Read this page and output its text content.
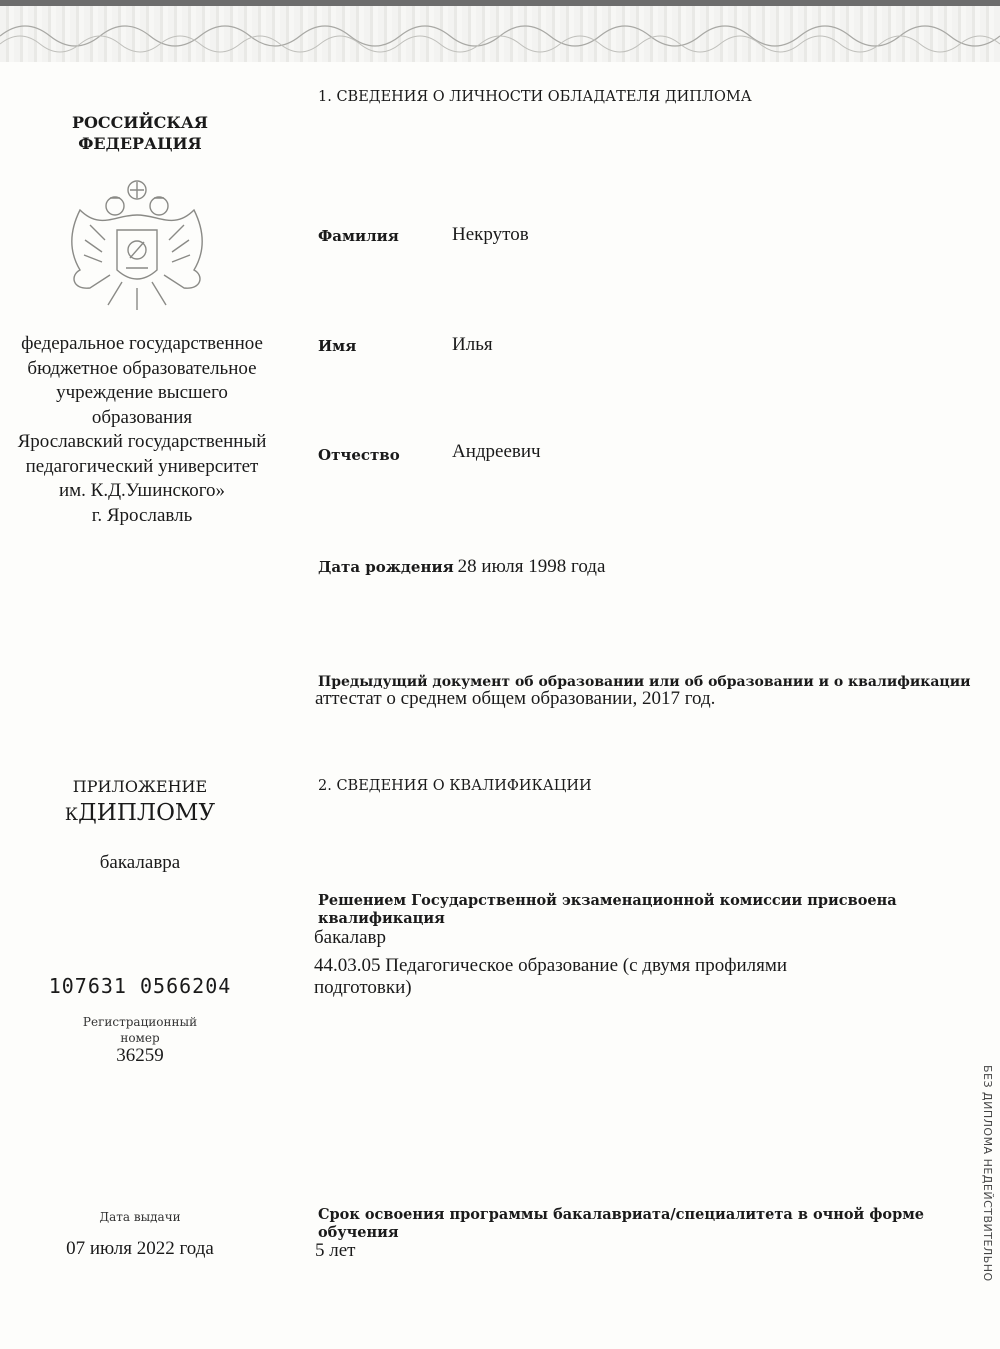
РОССИЙСКАЯ
ФЕДЕРАЦИЯ
федеральное государственное
бюджетное образовательное
учреждение высшего
образования
Ярославский государственный
педагогический университет
им. К.Д.Ушинского»
г. Ярославль
ПРИЛОЖЕНИЕ
КДИПЛОМУ
бакалавра
107631 0566204
Регистрационный
номер
36259
Дата выдачи
07 июля 2022 года
1. СВЕДЕНИЯ О ЛИЧНОСТИ ОБЛАДАТЕЛЯ ДИПЛОМА
Фамилия	Некрутов
Имя	Илья
Отчество	Андреевич
Дата рождения 28 июля 1998 года
Предыдущий документ об образовании или об образовании и о квалификации
аттестат о среднем общем образовании, 2017 год.
2. СВЕДЕНИЯ О КВАЛИФИКАЦИИ
Решением Государственной экзаменационной комиссии присвоена
квалификация
бакалавр
44.03.05 Педагогическое образование (с двумя профилями
подготовки)
Срок освоения программы бакалавриата/специалитета в очной форме
обучения
5 лет	БЕЗ ДИПЛОМА НЕДЕЙСТВИТЕЛЬНО
